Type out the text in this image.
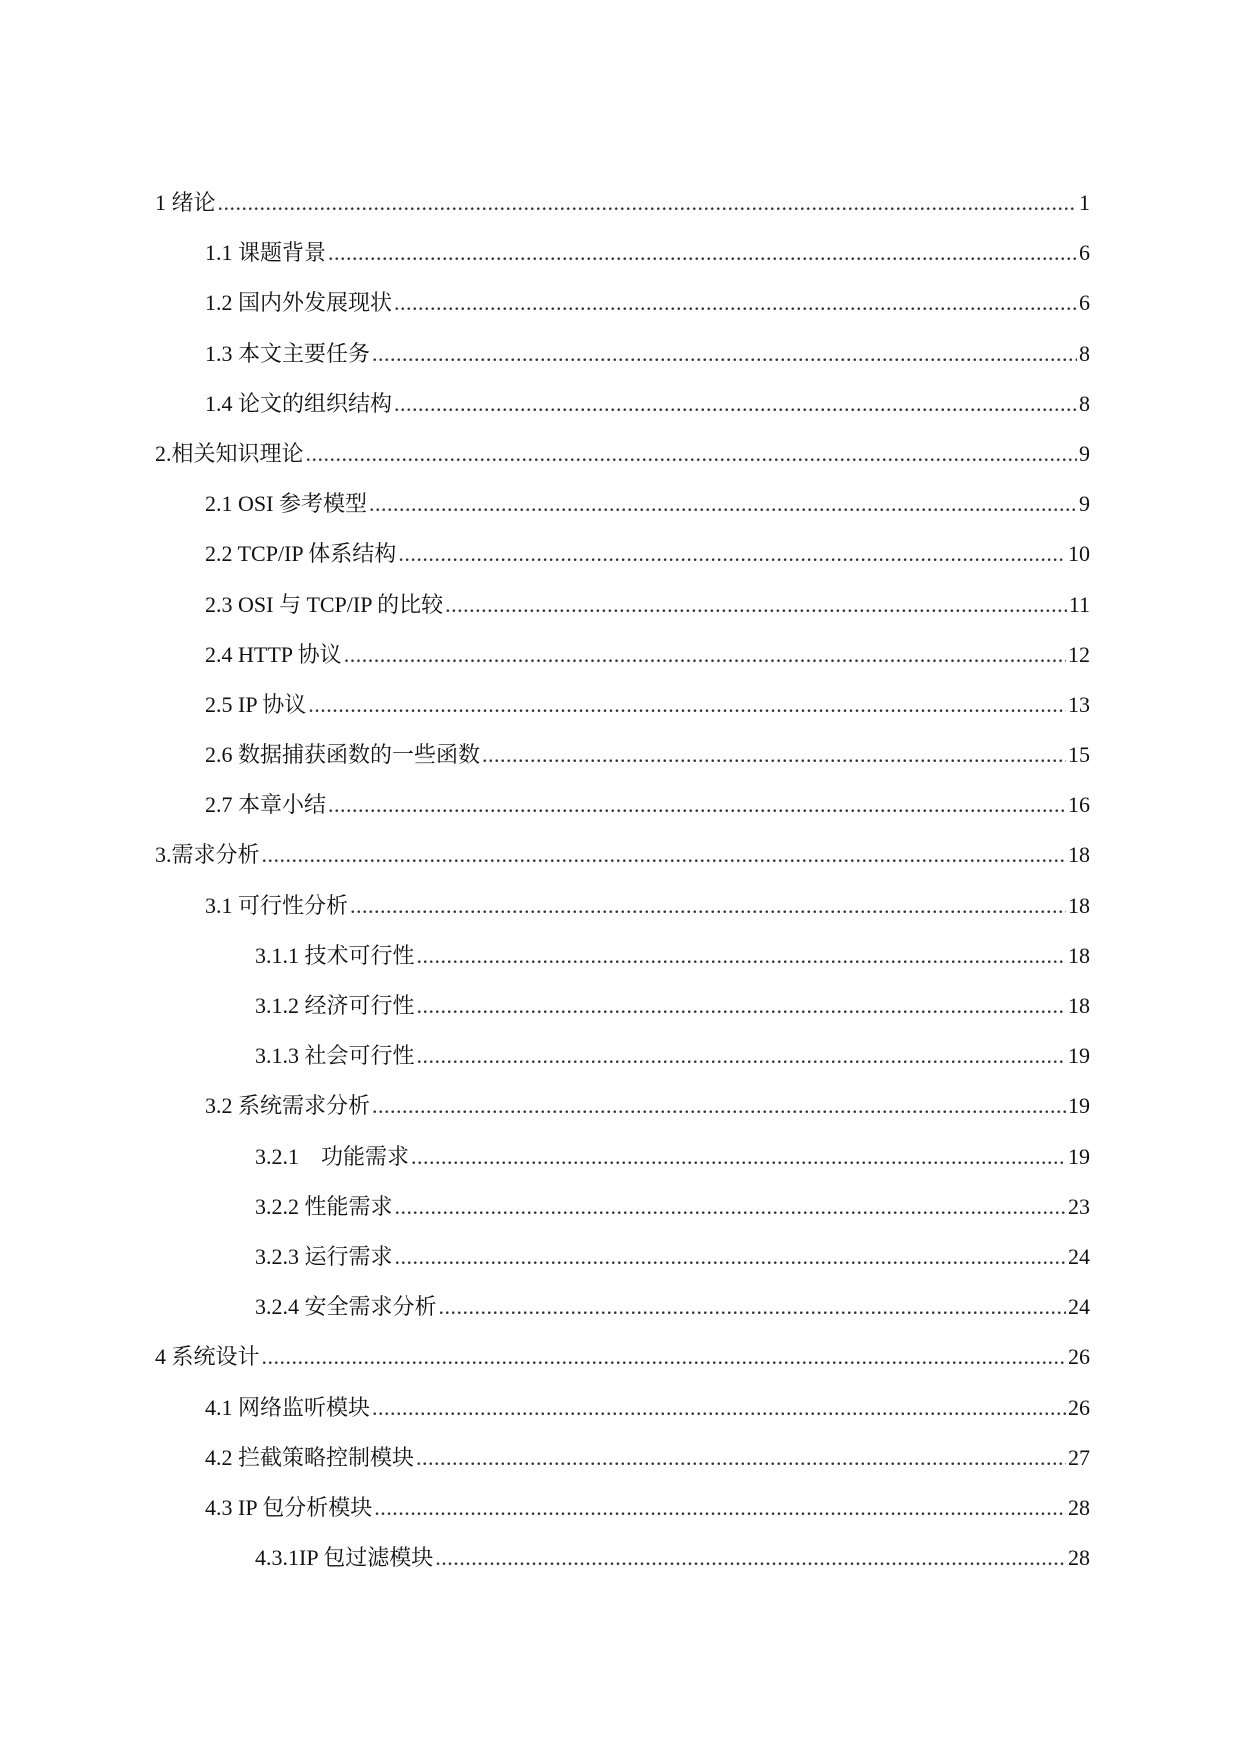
1 绪论 .....	1
1.1 课题背景 .....	6
1.2 国内外发展现状 .....	6
1.3 本文主要任务 .....	8
1.4 论文的组织结构 .....	8
2.相关知识理论 .....	9
2.1 OSI 参考模型 .....	9
2.2 TCP/IP 体系结构 .....	10
2.3 OSI 与 TCP/IP 的比较 .....	11
2.4 HTTP 协议 .....	12
2.5 IP 协议 .....	13
2.6 数据捕获函数的一些函数 .....	15
2.7 本章小结 .....	16
3.需求分析 .....	18
3.1 可行性分析 .....	18
3.1.1 技术可行性 .....	18
3.1.2 经济可行性 .....	18
3.1.3 社会可行性 .....	19
3.2 系统需求分析 .....	19
3.2.1　功能需求 .....	19
3.2.2 性能需求 .....	23
3.2.3 运行需求 .....	24
3.2.4 安全需求分析 .....	24
4 系统设计 .....	26
4.1 网络监听模块 .....	26
4.2 拦截策略控制模块 .....	27
4.3 IP 包分析模块 .....	28
4.3.1IP 包过滤模块 .....	28
